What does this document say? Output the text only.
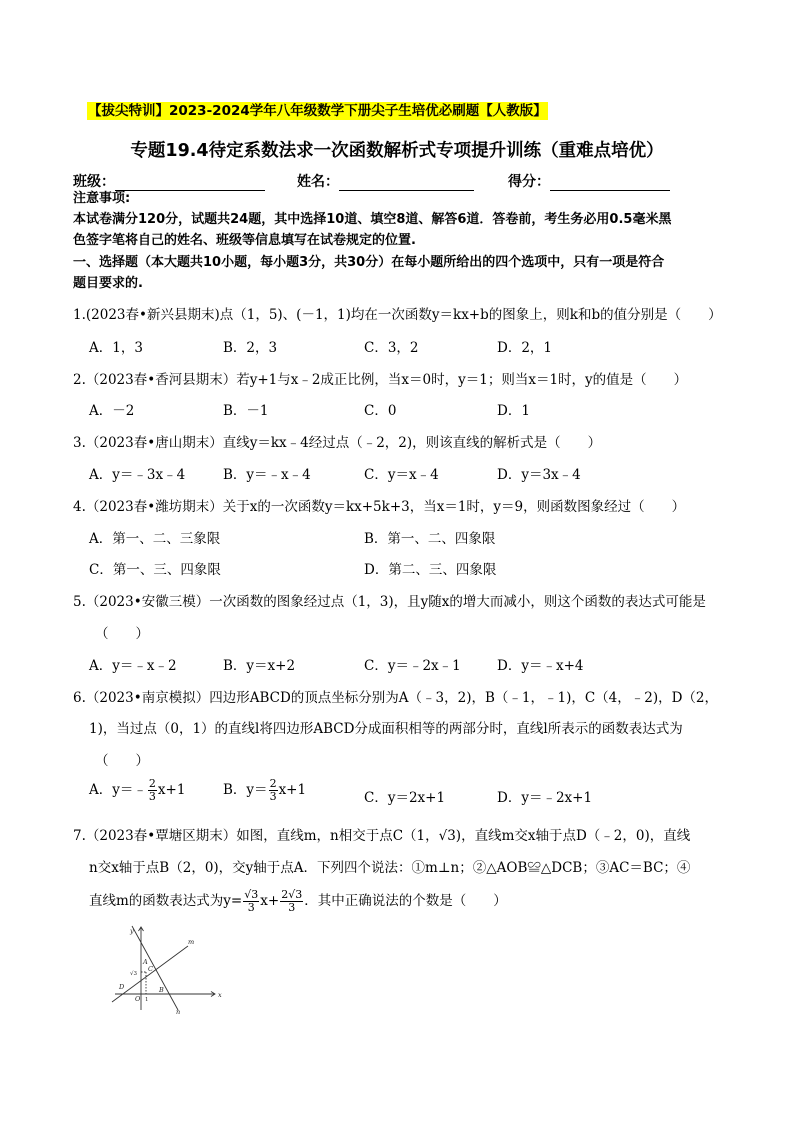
【拔尖特训】2023-2024学年八年级数学下册尖子生培优必刷题【人教版】
专题19.4待定系数法求一次函数解析式专项提升训练（重难点培优）
班级：	姓名：	得分：
注意事项:
本试卷满分120分，试题共24题，其中选择10道、填空8道、解答6道．答卷前，考生务必用0.5毫米黑
色签字笔将自己的姓名、班级等信息填写在试卷规定的位置.
一、选择题（本大题共10小题，每小题3分，共30分）在每小题所给出的四个选项中，只有一项是符合
题目要求的.
1.(2023春•新兴县期末)点（1，5)、(－1，1)均在一次函数y＝kx+b的图象上，则k和b的值分别是（　　）
A．1，3	B．2，3	C．3，2	D．2，1
2.（2023春•香河县期末）若y+1与x﹣2成正比例，当x＝0时，y＝1；则当x＝1时，y的值是（　　）
A．－2	B．－1	C．0	D．1
3.（2023春•唐山期末）直线y＝kx﹣4经过点（﹣2，2)，则该直线的解析式是（　　）
A．y＝﹣3x﹣4	B．y＝﹣x﹣4	C．y＝x﹣4	D．y＝3x﹣4
4.（2023春•潍坊期末）关于x的一次函数y＝kx+5k+3，当x＝1时，y＝9，则函数图象经过（　　）
A．第一、二、三象限	B．第一、二、四象限
C．第一、三、四象限	D．第二、三、四象限
5.（2023•安徽三模）一次函数的图象经过点（1，3)，且y随x的增大而减小，则这个函数的表达式可能是
（　　）
A．y＝﹣x﹣2	B．y＝x+2	C．y＝﹣2x﹣1	D．y＝﹣x+4
6.（2023•南京模拟）四边形ABCD的顶点坐标分别为A（﹣3，2)，B（﹣1，﹣1)，C（4，﹣2)，D（2，
1)，当过点（0，1）的直线l将四边形ABCD分成面积相等的两部分时，直线l所表示的函数表达式为
（　　）
A．y＝﹣ $\frac{2}{3} x+1$	B．$y= \frac{2}{3} x+1$	C．y＝2x+1	D．y＝﹣2x+1
7.（2023春•覃塘区期末）如图，直线m，n相交于点C（1，√3)，直线m交x轴于点D（﹣2，0)，直线
n交x轴于点B（2，0)，交y轴于点A．下列四个说法：①m⊥n；②△AOB≌△DCB；③AC＝BC；④
直线m的函数表达式为$y= \frac{√3}{3} x+ \frac{2√3}{3}$ ．其中正确说法的个数是（　　）
y
x
m
n
A
C
D
O
B
√3
1
